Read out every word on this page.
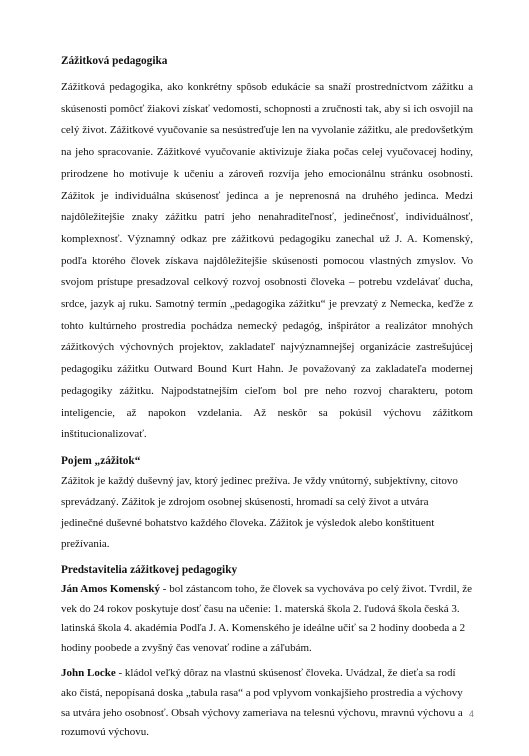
Zážitková pedagogika

Zážitková pedagogika, ako konkrétny spôsob edukácie sa snaží prostredníctvom zážitku a skúsenosti pomôcť žiakovi získať vedomosti, schopnosti a zručnosti tak, aby si ich osvojil na celý život. Zážitkové vyučovanie sa nesústreďuje len na vyvolanie zážitku, ale predovšetkým na jeho spracovanie. Zážitkové vyučovanie aktivizuje žiaka počas celej vyučovacej hodiny, prirodzene ho motivuje k učeniu a zároveň rozvíja jeho emocionálnu stránku osobnosti. Zážitok je individuálna skúsenosť jedinca a je neprenosná na druhého jedinca. Medzi najdôležitejšie znaky zážitku patrí jeho nenahraditeľnosť, jedinečnosť, individuálnosť, komplexnosť. Významný odkaz pre zážitkovú pedagogiku zanechal už J. A. Komenský, podľa ktorého človek získava najdôležitejšie skúsenosti pomocou vlastných zmyslov. Vo svojom prístupe presadzoval celkový rozvoj osobnosti človeka – potrebu vzdelávať ducha, srdce, jazyk aj ruku. Samotný termín „pedagogika zážitku“ je prevzatý z Nemecka, keďže z tohto kultúrneho prostredia pochádza nemecký pedagóg, inšpirátor a realizátor mnohých zážitkových výchovných projektov, zakladateľ najvýznamnejšej organizácie zastrešujúcej pedagogiku zážitku Outward Bound Kurt Hahn. Je považovaný za zakladateľa modernej pedagogiky zážitku. Najpodstatnejším cieľom bol pre neho rozvoj charakteru, potom inteligencie, až napokon vzdelania. Až neskôr sa pokúsil výchovu zážitkom inštitucionalizovať.

Pojem „zážitok“

Zážitok je každý duševný jav, ktorý jedinec prežíva. Je vždy vnútorný, subjektívny, citovo sprevádzaný. Zážitok je zdrojom osobnej skúsenosti, hromadí sa celý život a utvára jedinečné duševné bohatstvo každého človeka. Zážitok je výsledok alebo konštituent prežívania.

Predstavitelia zážitkovej pedagogiky

Ján Amos Komenský - bol zástancom toho, že človek sa vychováva po celý život. Tvrdil, že vek do 24 rokov poskytuje dosť času na učenie: 1. materská škola 2. ľudová škola česká 3. latinská škola 4. akadémia Podľa J. A. Komenského je ideálne učiť sa 2 hodiny doobeda a 2 hodiny poobede a zvyšný čas venovať rodine a záľubám.

John Locke - kládol veľký dôraz na vlastnú skúsenosť človeka. Uvádzal, že dieťa sa rodí ako čistá, nepopísaná doska „tabula rasa“ a pod vplyvom vonkajšieho prostredia a výchovy sa utvára jeho osobnosť. Obsah výchovy zameriava na telesnú výchovu, mravnú výchovu a rozumovú výchovu.

4
